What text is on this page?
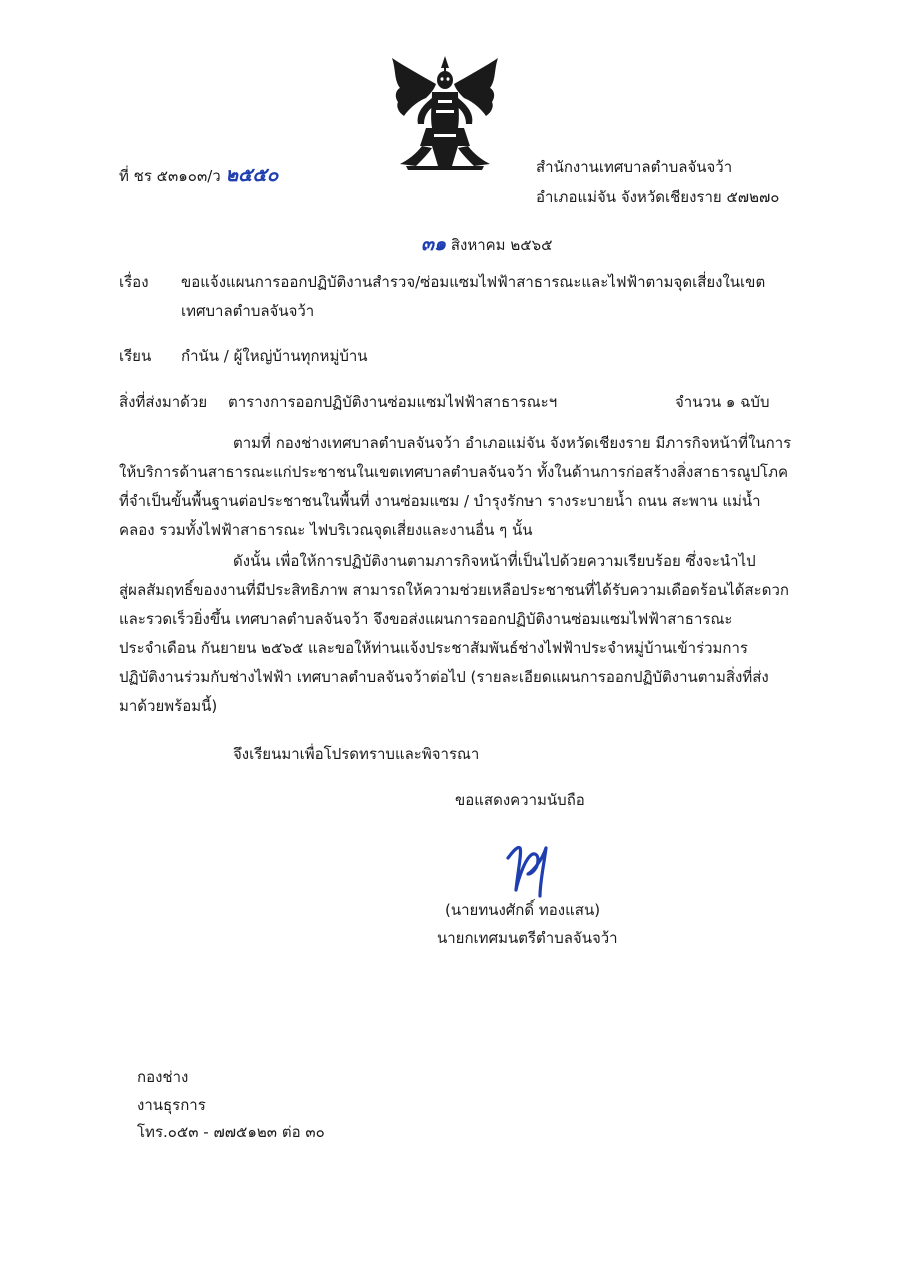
ที่ ชร ๕๓๑๐๓/ว ๒๕๕๐	สำนักงานเทศบาลตำบลจันจว้า
อำเภอแม่จัน จังหวัดเชียงราย ๕๗๒๗๐
๓๑ สิงหาคม ๒๕๖๕
เรื่อง ขอแจ้งแผนการออกปฏิบัติงานสำรวจ/ซ่อมแซมไฟฟ้าสาธารณะและไฟฟ้าตามจุดเสี่ยงในเขต
เทศบาลตำบลจันจว้า
เรียน กำนัน / ผู้ใหญ่บ้านทุกหมู่บ้าน
สิ่งที่ส่งมาด้วย ตารางการออกปฏิบัติงานซ่อมแซมไฟฟ้าสาธารณะฯ	จำนวน ๑ ฉบับ
ตามที่ กองช่างเทศบาลตำบลจันจว้า อำเภอแม่จัน จังหวัดเชียงราย มีภารกิจหน้าที่ในการ
ให้บริการด้านสาธารณะแก่ประชาชนในเขตเทศบาลตำบลจันจว้า ทั้งในด้านการก่อสร้างสิ่งสาธารณูปโภค
ที่จำเป็นขั้นพื้นฐานต่อประชาชนในพื้นที่ งานซ่อมแซม / บำรุงรักษา รางระบายน้ำ ถนน สะพาน แม่น้ำ
คลอง รวมทั้งไฟฟ้าสาธารณะ ไฟบริเวณจุดเสี่ยงและงานอื่น ๆ นั้น
ดังนั้น เพื่อให้การปฏิบัติงานตามภารกิจหน้าที่เป็นไปด้วยความเรียบร้อย ซึ่งจะนำไป
สู่ผลสัมฤทธิ์ของงานที่มีประสิทธิภาพ สามารถให้ความช่วยเหลือประชาชนที่ได้รับความเดือดร้อนได้สะดวก
และรวดเร็วยิ่งขึ้น เทศบาลตำบลจันจว้า จึงขอส่งแผนการออกปฏิบัติงานซ่อมแซมไฟฟ้าสาธารณะ
ประจำเดือน กันยายน ๒๕๖๕ และขอให้ท่านแจ้งประชาสัมพันธ์ช่างไฟฟ้าประจำหมู่บ้านเข้าร่วมการ
ปฏิบัติงานร่วมกับช่างไฟฟ้า เทศบาลตำบลจันจว้าต่อไป (รายละเอียดแผนการออกปฏิบัติงานตามสิ่งที่ส่ง
มาด้วยพร้อมนี้)
จึงเรียนมาเพื่อโปรดทราบและพิจารณา
ขอแสดงความนับถือ
(นายทนงศักดิ์ ทองแสน)
นายกเทศมนตรีตำบลจันจว้า
กองช่าง
งานธุรการ
โทร.๐๕๓ - ๗๗๕๑๒๓ ต่อ ๓๐
